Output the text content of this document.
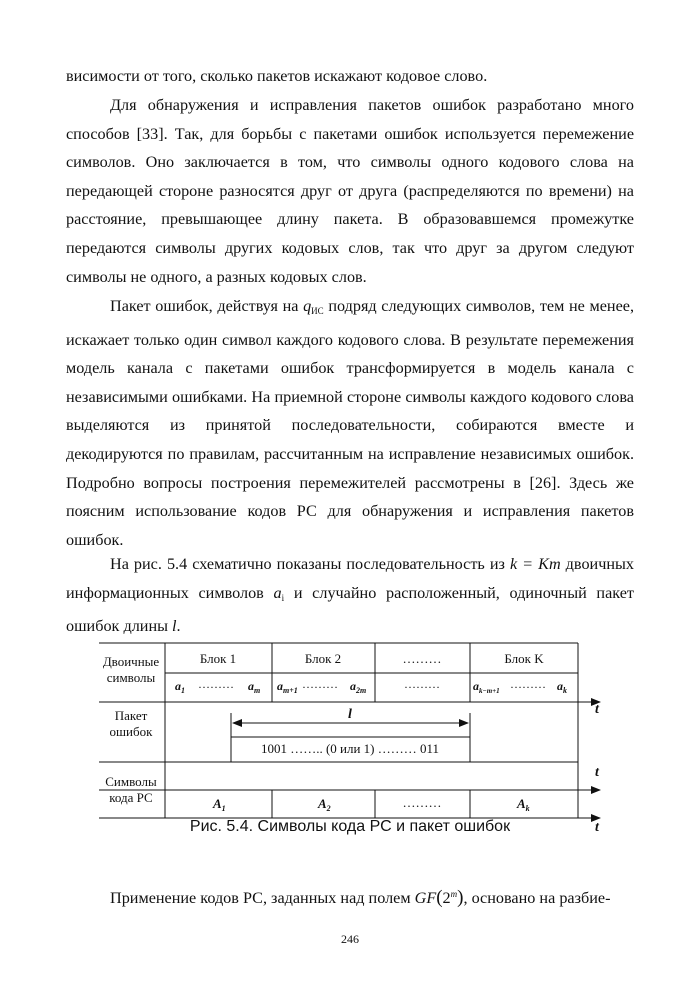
висимости от того, сколько пакетов искажают кодовое слово.

Для обнаружения и исправления пакетов ошибок разработано много способов [33]. Так, для борьбы с пакетами ошибок используется перемежение символов. Оно заключается в том, что символы одного кодового слова на передающей стороне разносятся друг от друга (распределяются по времени) на расстояние, превышающее длину пакета. В образовавшемся промежутке передаются символы других кодовых слов, так что друг за другом следуют символы не одного, а разных кодовых слов.

Пакет ошибок, действуя на $q_{ИС}$ подряд следующих символов, тем не менее, искажает только один символ каждого кодового слова. В результате перемежения модель канала с пакетами ошибок трансформируется в модель канала с независимыми ошибками. На приемной стороне символы каждого кодового слова выделяются из принятой последовательности, собираются вместе и декодируются по правилам, рассчитанным на исправление независимых ошибок. Подробно вопросы построения перемежителей рассмотрены в [26]. Здесь же поясним использование кодов РС для обнаружения и исправления пакетов ошибок.

На рис. 5.4 схематично показаны последовательность из k = Km двоичных информационных символов $a_i$ и случайно расположенный, одиночный пакет ошибок длины l.

t
t
t
Двоичные
символы
Пакет
ошибок
Символы
кода РС
Блок 1	Блок 2	………	Блок K
$a_1$ ……… $a_m$ $a_{m+1}$ ……… $a_{2m}$	………	$a_{k-m+1}$ ……… $a_k$
l
1001 …….. (0 или 1) ……… 011
$A_1$	$A_2$	………	$A_k$

Рис. 5.4. Символы кода РС и пакет ошибок

Применение кодов РС, заданных над полем GF(2$^m$), основано на разбие-

246
